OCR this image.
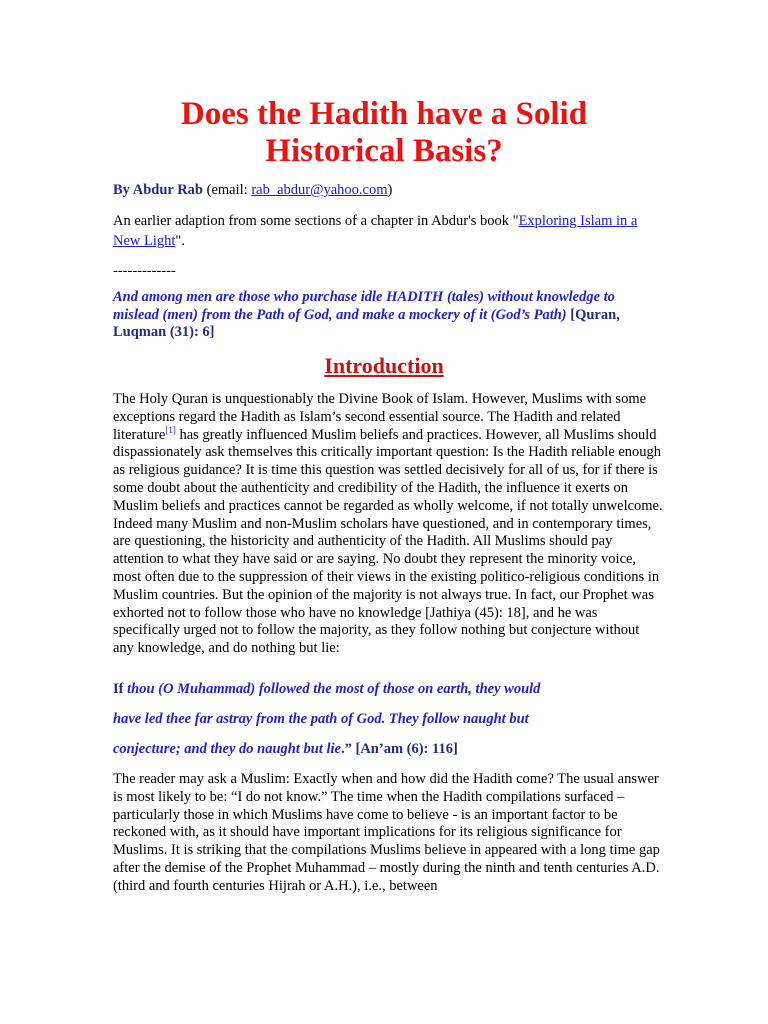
Does the Hadith have a Solid
Historical Basis?
By Abdur Rab (email: rab_abdur@yahoo.com)
An earlier adaption from some sections of a chapter in Abdur's book "Exploring Islam in a New Light".
-------------
And among men are those who purchase idle HADITH (tales) without knowledge to mislead (men) from the Path of God, and make a mockery of it (God’s Path) [Quran, Luqman (31): 6]
Introduction
The Holy Quran is unquestionably the Divine Book of Islam. However, Muslims with some exceptions regard the Hadith as Islam’s second essential source. The Hadith and related literature[1] has greatly influenced Muslim beliefs and practices. However, all Muslims should dispassionately ask themselves this critically important question: Is the Hadith reliable enough as religious guidance? It is time this question was settled decisively for all of us, for if there is some doubt about the authenticity and credibility of the Hadith, the influence it exerts on Muslim beliefs and practices cannot be regarded as wholly welcome, if not totally unwelcome. Indeed many Muslim and non-Muslim scholars have questioned, and in contemporary times, are questioning, the historicity and authenticity of the Hadith. All Muslims should pay attention to what they have said or are saying. No doubt they represent the minority voice, most often due to the suppression of their views in the existing politico-religious conditions in Muslim countries. But the opinion of the majority is not always true. In fact, our Prophet was exhorted not to follow those who have no knowledge [Jathiya (45): 18], and he was specifically urged not to follow the majority, as they follow nothing but conjecture without any knowledge, and do nothing but lie:
If thou (O Muhammad) followed the most of those on earth, they would
have led thee far astray from the path of God. They follow naught but
conjecture; and they do naught but lie.” [An’am (6): 116]
The reader may ask a Muslim: Exactly when and how did the Hadith come? The usual answer is most likely to be: “I do not know.” The time when the Hadith compilations surfaced – particularly those in which Muslims have come to believe - is an important factor to be reckoned with, as it should have important implications for its religious significance for Muslims. It is striking that the compilations Muslims believe in appeared with a long time gap after the demise of the Prophet Muhammad – mostly during the ninth and tenth centuries A.D. (third and fourth centuries Hijrah or A.H.), i.e., between
